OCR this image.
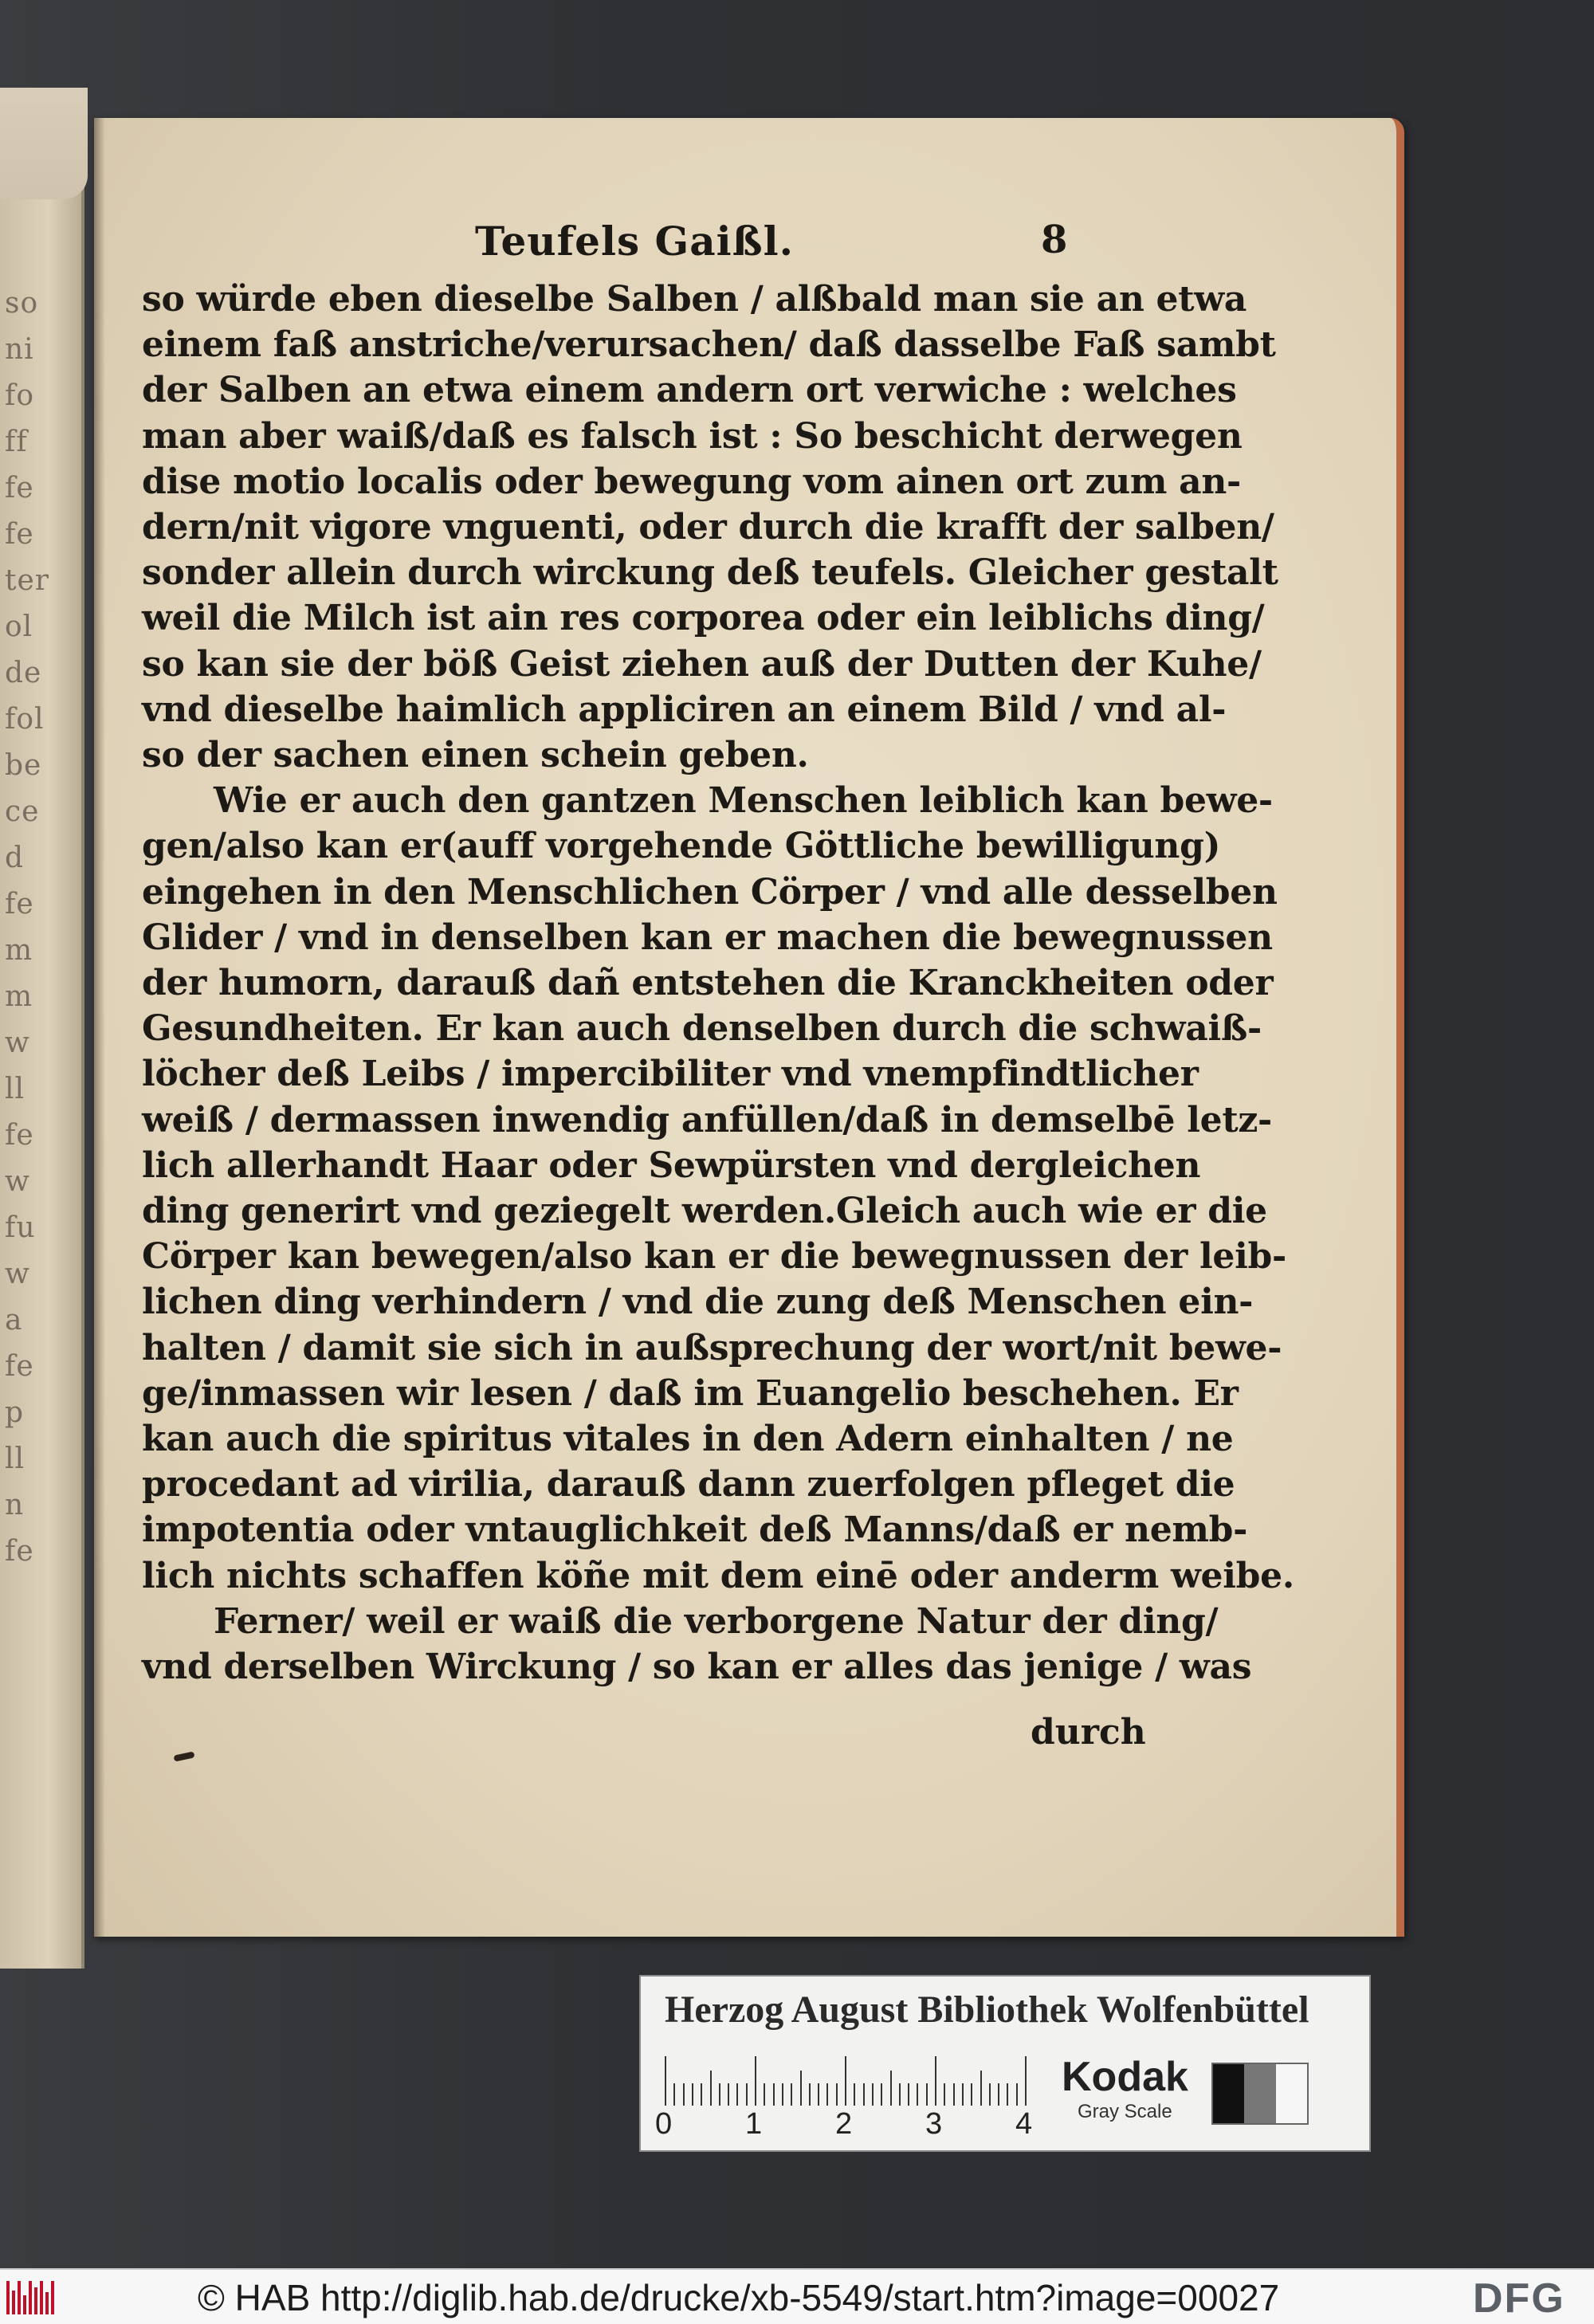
so
ni
fo
ff
fe
fe
ter
ol
de
fol
be
ce
d
fe
m
m
w
ll
fe
w
fu
w
a
fe
p
ll
n
fe
Teufels Gaißl.	8
so würde eben dieselbe Salben / alßbald man sie an etwa
einem faß anstriche/verursachen/ daß dasselbe Faß sambt
der Salben an etwa einem andern ort verwiche : welches
man aber waiß/daß es falsch ist : So beschicht derwegen
dise motio localis oder bewegung vom ainen ort zum an-
dern/nit vigore vnguenti, oder durch die krafft der salben/
sonder allein durch wirckung deß teufels. Gleicher gestalt
weil die Milch ist ain res corporea oder ein leiblichs ding/
so kan sie der böß Geist ziehen auß der Dutten der Kuhe/
vnd dieselbe haimlich appliciren an einem Bild / vnd al-
so der sachen einen schein geben.
Wie er auch den gantzen Menschen leiblich kan bewe-
gen/also kan er(auff vorgehende Göttliche bewilligung)
eingehen in den Menschlichen Cörper / vnd alle desselben
Glider / vnd in denselben kan er machen die bewegnussen
der humorn, darauß dañ entstehen die Kranckheiten oder
Gesundheiten. Er kan auch denselben durch die schwaiß-
löcher deß Leibs / impercibiliter vnd vnempfindtlicher
weiß / dermassen inwendig anfüllen/daß in demselbē letz-
lich allerhandt Haar oder Sewpürsten vnd dergleichen
ding generirt vnd geziegelt werden.Gleich auch wie er die
Cörper kan bewegen/also kan er die bewegnussen der leib-
lichen ding verhindern / vnd die zung deß Menschen ein-
halten / damit sie sich in außsprechung der wort/nit bewe-
ge/inmassen wir lesen / daß im Euangelio beschehen. Er
kan auch die spiritus vitales in den Adern einhalten / ne
procedant ad virilia, darauß dann zuerfolgen pfleget die
impotentia oder vntauglichkeit deß Manns/daß er nemb-
lich nichts schaffen köñe mit dem einē oder anderm weibe.
Ferner/ weil er waiß die verborgene Natur der ding/
vnd derselben Wirckung / so kan er alles das jenige / was
durch
Herzog August Bibliothek Wolfenbüttel
0 1 2 3 4
Kodak
Gray Scale
© HAB http://diglib.hab.de/drucke/xb-5549/start.htm?image=00027	DFG
